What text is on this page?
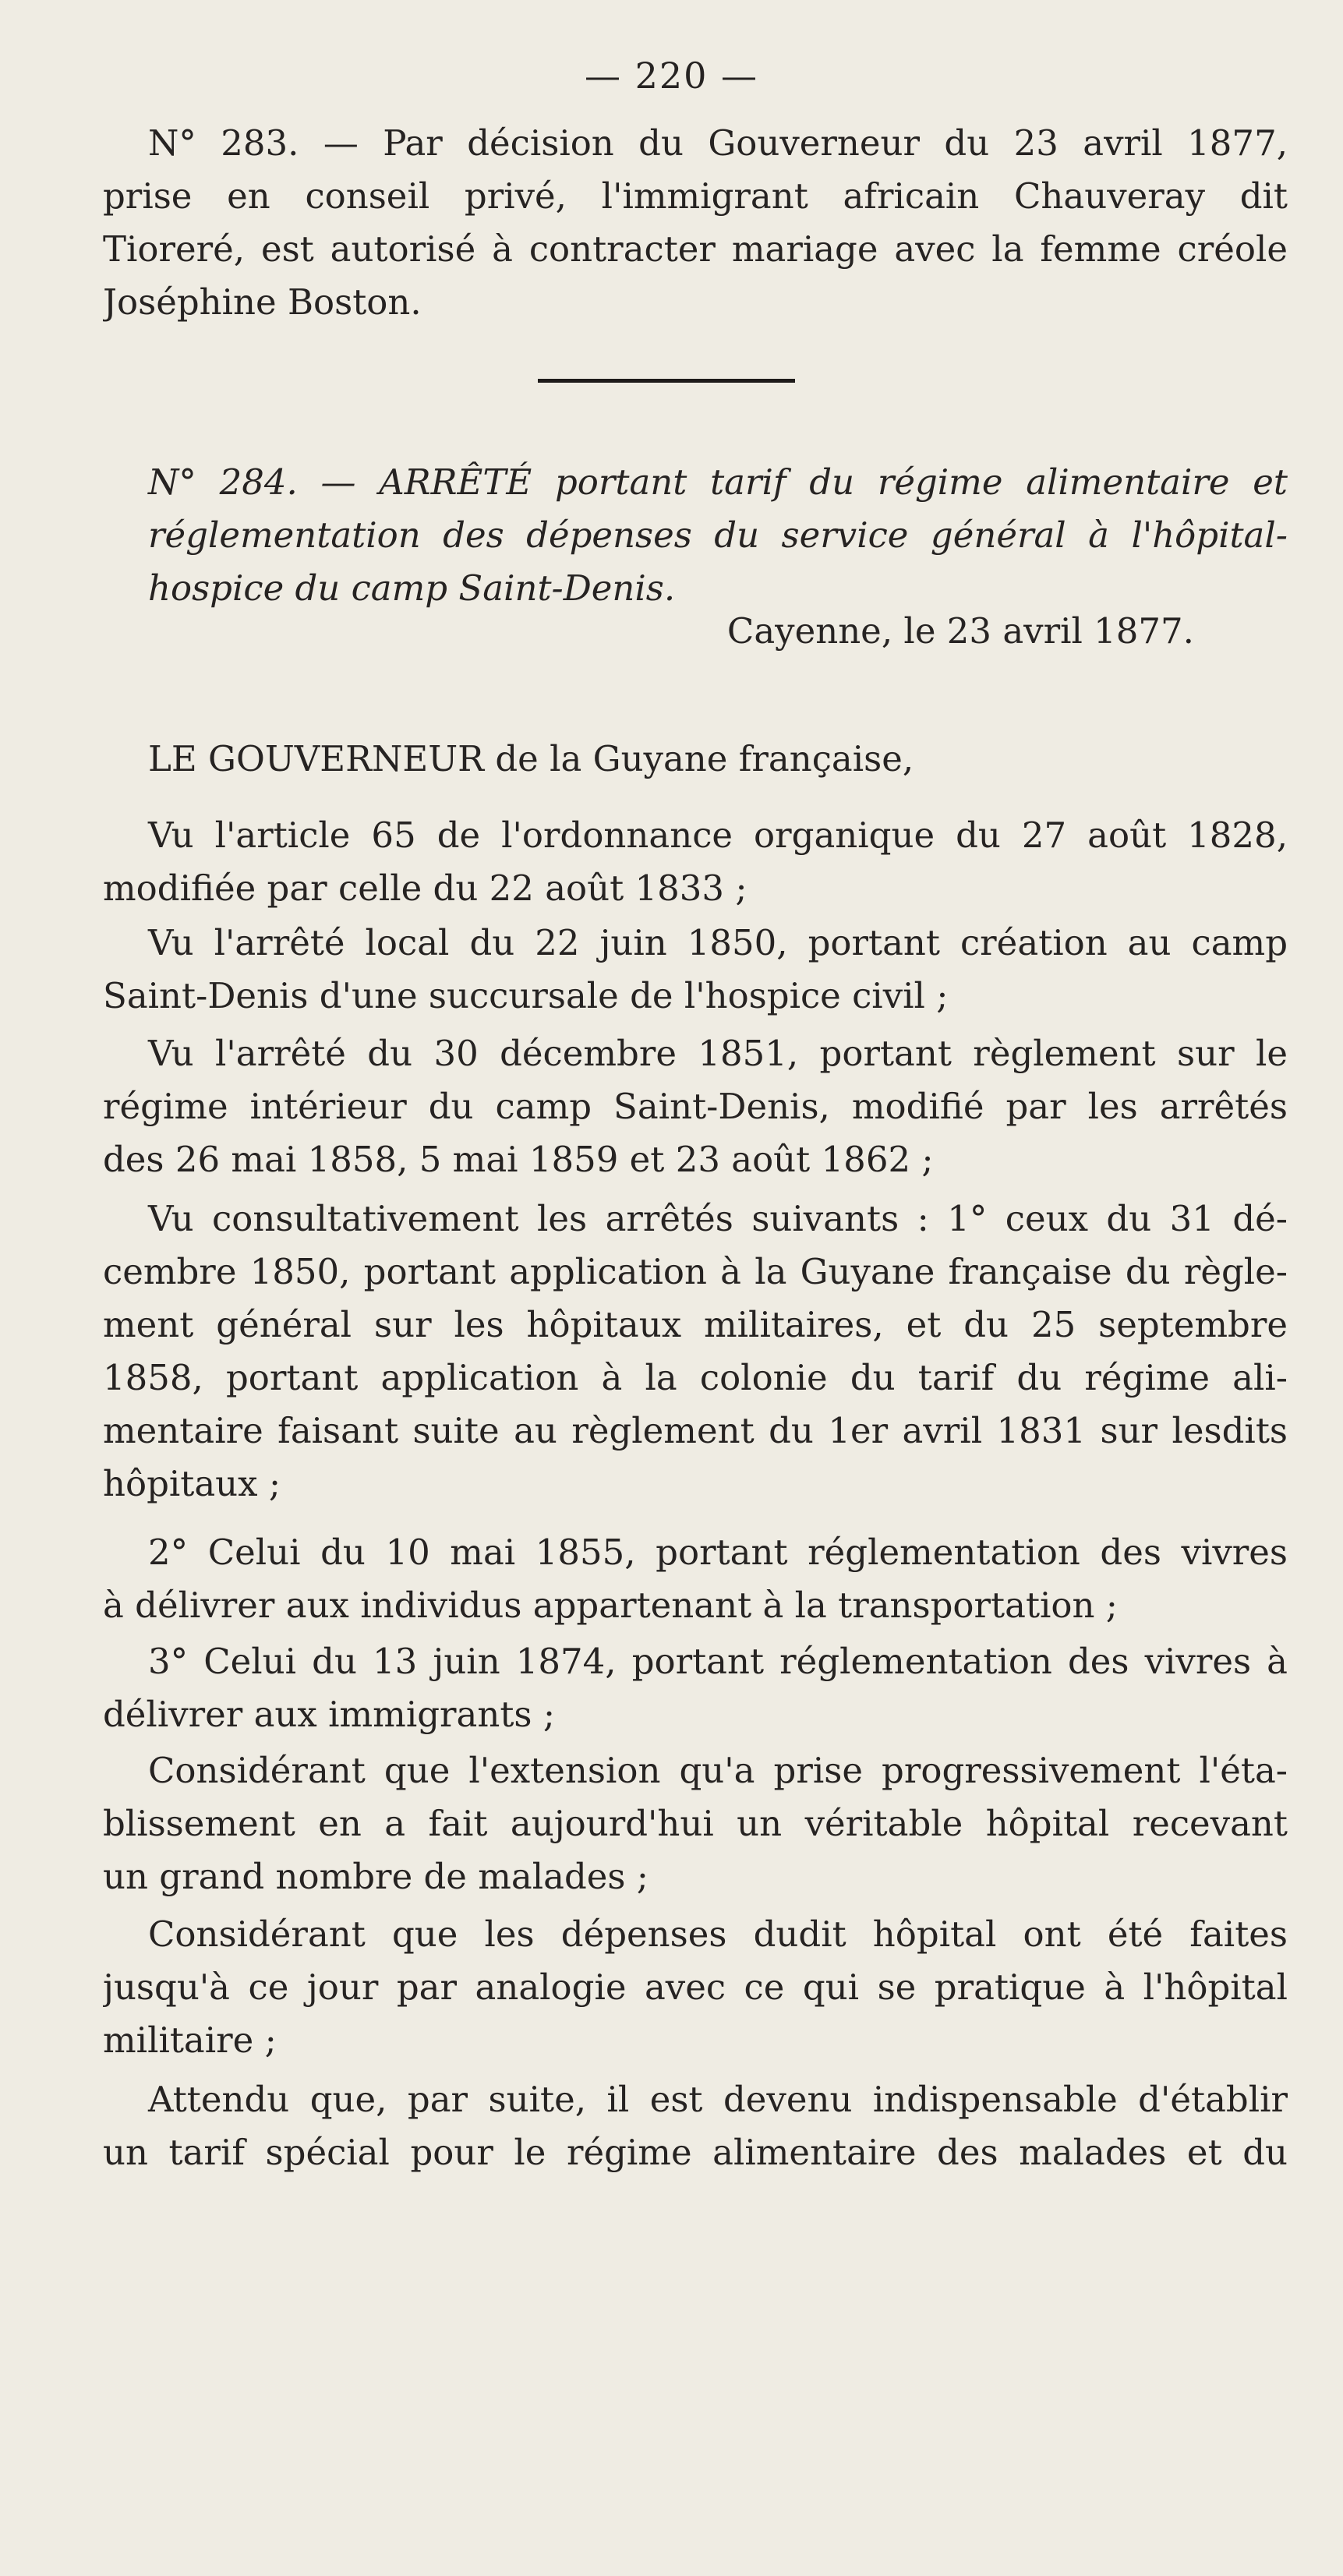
— 220 —
N° 283. — Par décision du Gouverneur du 23 avril 1877,
prise en conseil privé, l'immigrant africain Chauveray dit
Tioreré, est autorisé à contracter mariage avec la femme créole
Joséphine Boston.
N° 284. — ARRÊTÉ portant tarif du régime alimentaire et
réglementation des dépenses du service général à l'hôpital-
hospice du camp Saint-Denis.
Cayenne, le 23 avril 1877.
LE GOUVERNEUR de la Guyane française,
Vu l'article 65 de l'ordonnance organique du 27 août 1828,
modifiée par celle du 22 août 1833 ;
Vu l'arrêté local du 22 juin 1850, portant création au camp
Saint-Denis d'une succursale de l'hospice civil ;
Vu l'arrêté du 30 décembre 1851, portant règlement sur le
régime intérieur du camp Saint-Denis, modifié par les arrêtés
des 26 mai 1858, 5 mai 1859 et 23 août 1862 ;
Vu consultativement les arrêtés suivants : 1° ceux du 31 dé-
cembre 1850, portant application à la Guyane française du règle-
ment général sur les hôpitaux militaires, et du 25 septembre
1858, portant application à la colonie du tarif du régime ali-
mentaire faisant suite au règlement du 1er avril 1831 sur lesdits
hôpitaux ;
2° Celui du 10 mai 1855, portant réglementation des vivres
à délivrer aux individus appartenant à la transportation ;
3° Celui du 13 juin 1874, portant réglementation des vivres à
délivrer aux immigrants ;
Considérant que l'extension qu'a prise progressivement l'éta-
blissement en a fait aujourd'hui un véritable hôpital recevant
un grand nombre de malades ;
Considérant que les dépenses dudit hôpital ont été faites
jusqu'à ce jour par analogie avec ce qui se pratique à l'hôpital
militaire ;
Attendu que, par suite, il est devenu indispensable d'établir
un tarif spécial pour le régime alimentaire des malades et du
